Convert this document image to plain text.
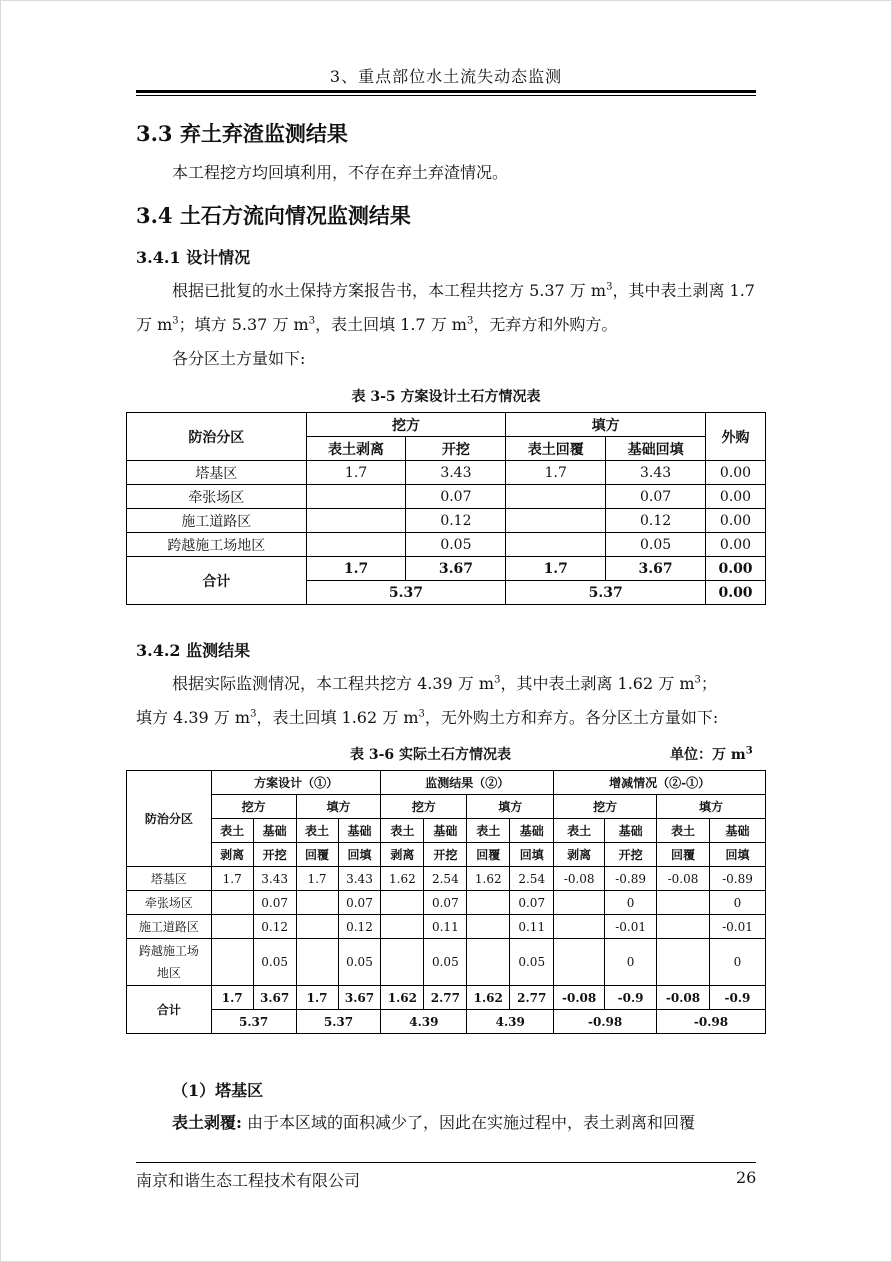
3、重点部位水土流失动态监测
3.3 弃土弃渣监测结果
本工程挖方均回填利用，不存在弃土弃渣情况。
3.4 土石方流向情况监测结果
3.4.1 设计情况
根据已批复的水土保持方案报告书，本工程共挖方 5.37 万 $m^3$，其中表土剥离 1.7 万 $m^3$；填方 5.37 万 $m^3$，表土回填 1.7 万 $m^3$，无弃方和外购方。
各分区土方量如下:
表 3-5 方案设计土石方情况表
防治分区	挖方		填方		外购
	表土剥离	开挖	表土回覆	基础回填	
塔基区	1.7	3.43	1.7	3.43	0.00
牵张场区		0.07		0.07	0.00
施工道路区		0.12		0.12	0.00
跨越施工场地区		0.05		0.05	0.00
合计	1.7	3.67	1.7	3.67	0.00
	5.37		5.37		0.00
3.4.2 监测结果
根据实际监测情况，本工程共挖方 4.39 万 $m^3$，其中表土剥离 1.62 万 $m^3$；
填方 4.39 万 $m^3$，表土回填 1.62 万 $m^3$，无外购土方和弃方。各分区土方量如下:
表 3-6 实际土石方情况表	单位：万 $m^3$
防治分区	方案设计（①）				监测结果（②）				增减情况（②-①）			
	挖方		填方		挖方		填方		挖方		填方	
	表土	基础	表土	基础	表土	基础	表土	基础	表土	基础	表土	基础
	剥离	开挖	回覆	回填	剥离	开挖	回覆	回填	剥离	开挖	回覆	回填
塔基区	1.7	3.43	1.7	3.43	1.62	2.54	1.62	2.54	-0.08	-0.89	-0.08	-0.89
牵张场区		0.07		0.07		0.07		0.07		0		0
施工道路区		0.12		0.12		0.11		0.11		-0.01		-0.01
跨越施工场
地区		0.05		0.05		0.05		0.05		0		0
合计	1.7	3.67	1.7	3.67	1.62	2.77	1.62	2.77	-0.08	-0.9	-0.08	-0.9
	5.37		5.37		4.39		4.39		-0.98		-0.98	
（1）塔基区
表土剥覆: 由于本区域的面积减少了，因此在实施过程中，表土剥离和回覆
南京和谐生态工程技术有限公司	26
